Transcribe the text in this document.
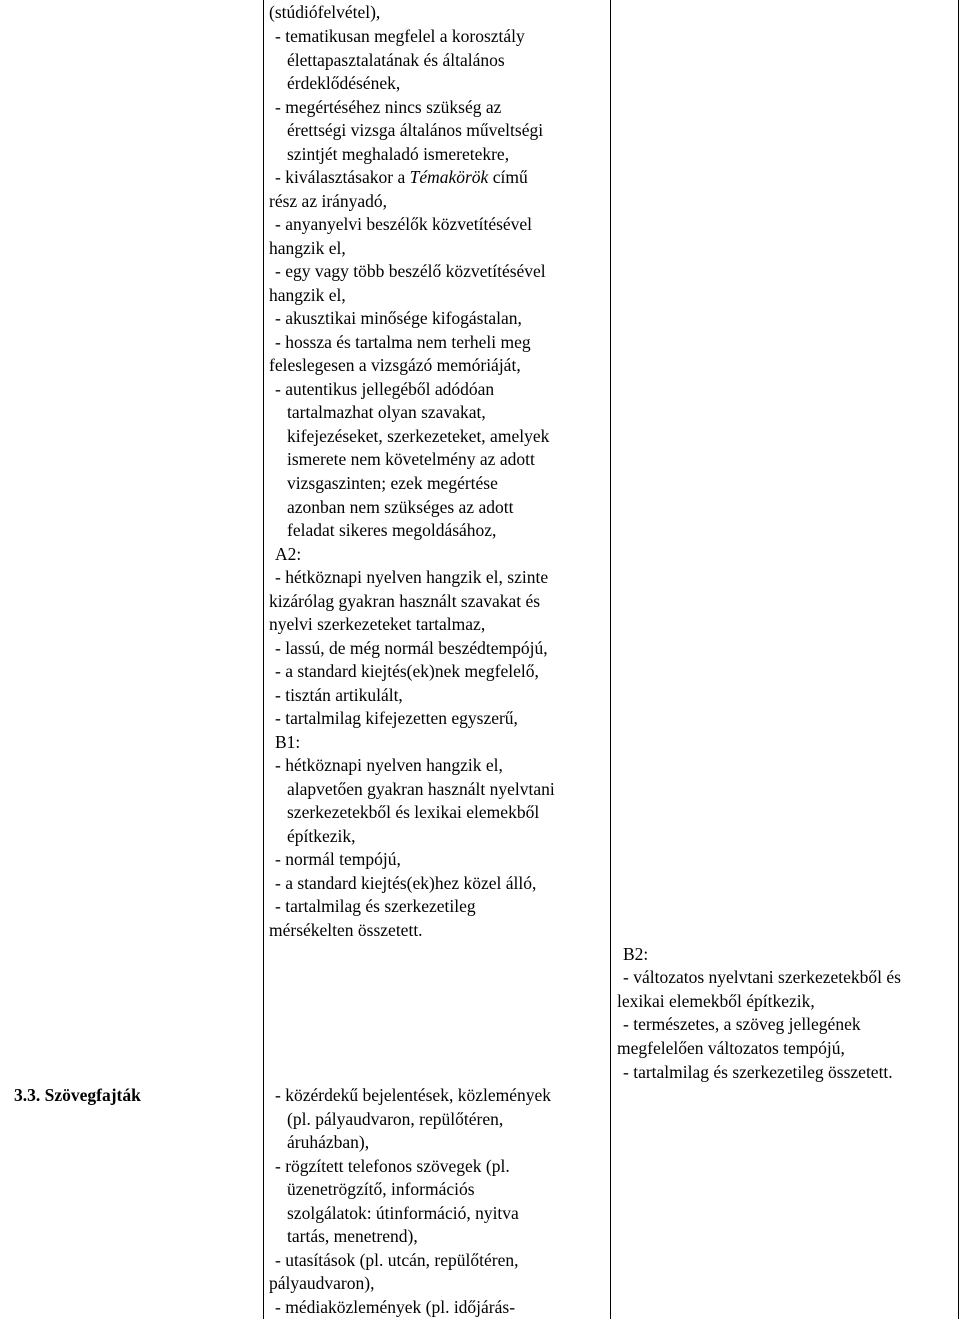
3.3. Szövegfajták
(stúdiófelvétel),
- tematikusan megfelel a korosztály
élettapasztalatának és általános
érdeklődésének,
- megértéséhez nincs szükség az
érettségi vizsga általános műveltségi
szintjét meghaladó ismeretekre,
- kiválasztásakor a Témakörök című
rész az irányadó,
- anyanyelvi beszélők közvetítésével
hangzik el,
- egy vagy több beszélő közvetítésével
hangzik el,
- akusztikai minősége kifogástalan,
- hossza és tartalma nem terheli meg
feleslegesen a vizsgázó memóriáját,
- autentikus jellegéből adódóan
tartalmazhat olyan szavakat,
kifejezéseket, szerkezeteket, amelyek
ismerete nem követelmény az adott
vizsgaszinten; ezek megértése
azonban nem szükséges az adott
feladat sikeres megoldásához,
A2:
- hétköznapi nyelven hangzik el, szinte
kizárólag gyakran használt szavakat és
nyelvi szerkezeteket tartalmaz,
- lassú, de még normál beszédtempójú,
- a standard kiejtés(ek)nek megfelelő,
- tisztán artikulált,
- tartalmilag kifejezetten egyszerű,
B1:
- hétköznapi nyelven hangzik el,
alapvetően gyakran használt nyelvtani
szerkezetekből és lexikai elemekből
építkezik,
- normál tempójú,
- a standard kiejtés(ek)hez közel álló,
- tartalmilag és szerkezetileg
mérsékelten összetett.
- közérdekű bejelentések, közlemények
(pl. pályaudvaron, repülőtéren,
áruházban),
- rögzített telefonos szövegek (pl.
üzenetrögzítő, információs
szolgálatok: útinformáció, nyitva
tartás, menetrend),
- utasítások (pl. utcán, repülőtéren,
pályaudvaron),
- médiaközlemények (pl. időjárás-
B2:
- változatos nyelvtani szerkezetekből és
lexikai elemekből építkezik,
- természetes, a szöveg jellegének
megfelelően változatos tempójú,
- tartalmilag és szerkezetileg összetett.
